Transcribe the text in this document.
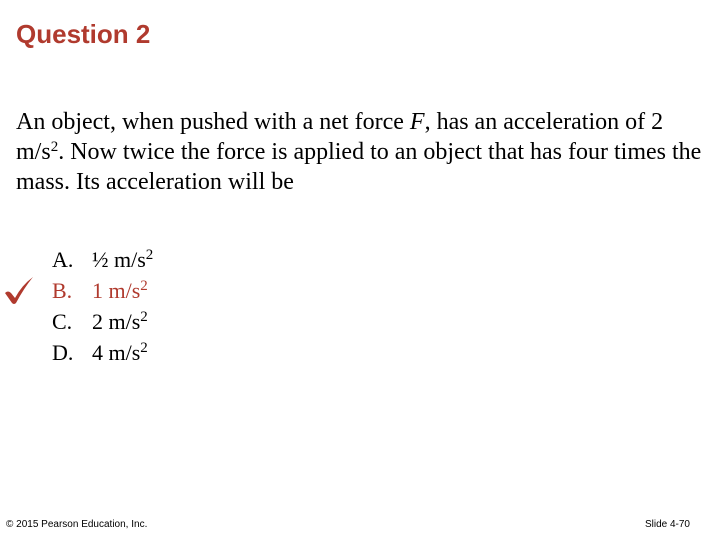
Question 2
An object, when pushed with a net force F, has an acceleration of 2 $m/s^2$. Now twice the force is applied to an object that has four times the mass. Its acceleration will be
A. ½ $m/s^2$
B. 1 $m/s^2$
C. 2 $m/s^2$
D. 4 $m/s^2$
© 2015 Pearson Education, Inc.	Slide 4-70
